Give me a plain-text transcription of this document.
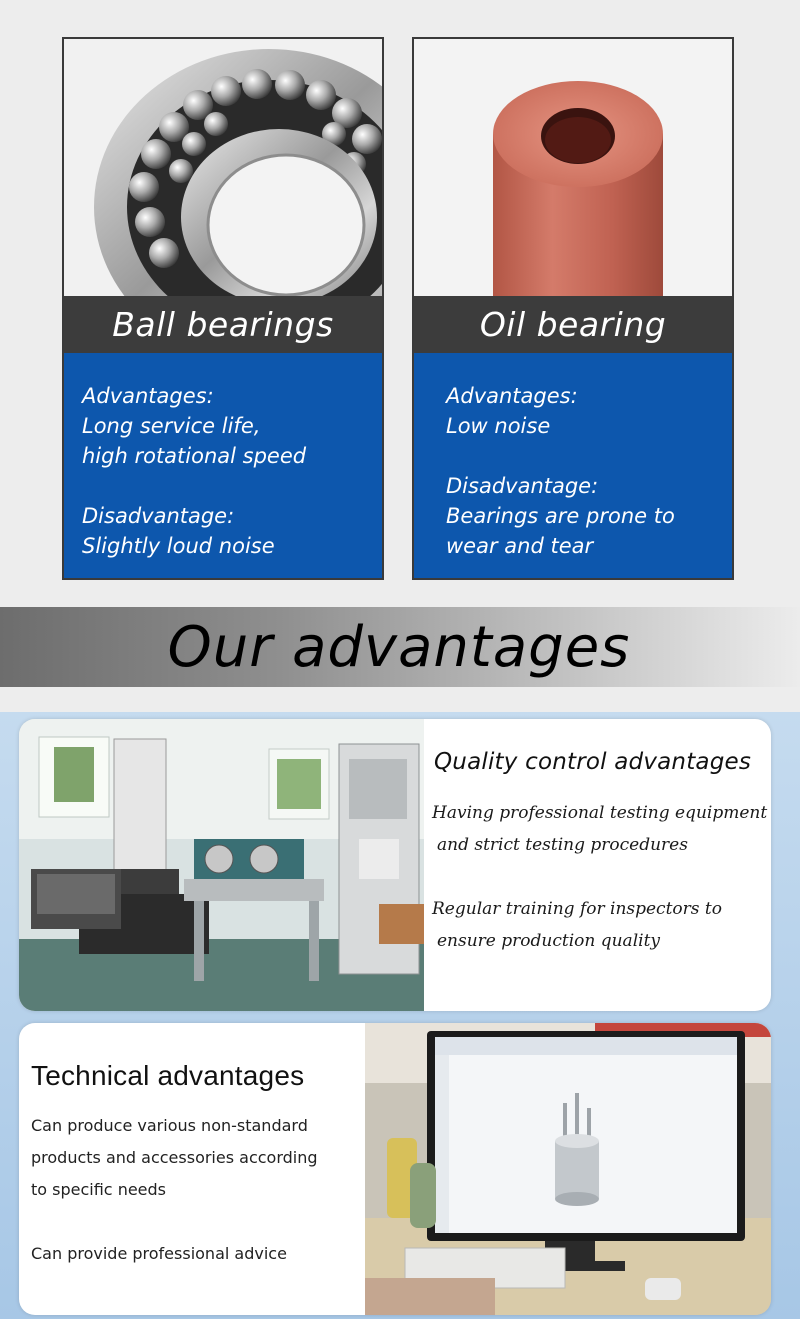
Ball bearings
Advantages:
Long service life,
high rotational speed
Disadvantage:
Slightly loud noise
Oil bearing
Advantages:
Low noise
Disadvantage:
Bearings are prone to
wear and tear
Our advantages
Quality control advantages
Having professional testing equipment
and strict testing procedures
Regular training for inspectors to
ensure production quality
Technical advantages
Can produce various non-standard
products and accessories according
to specific needs
Can provide professional advice
